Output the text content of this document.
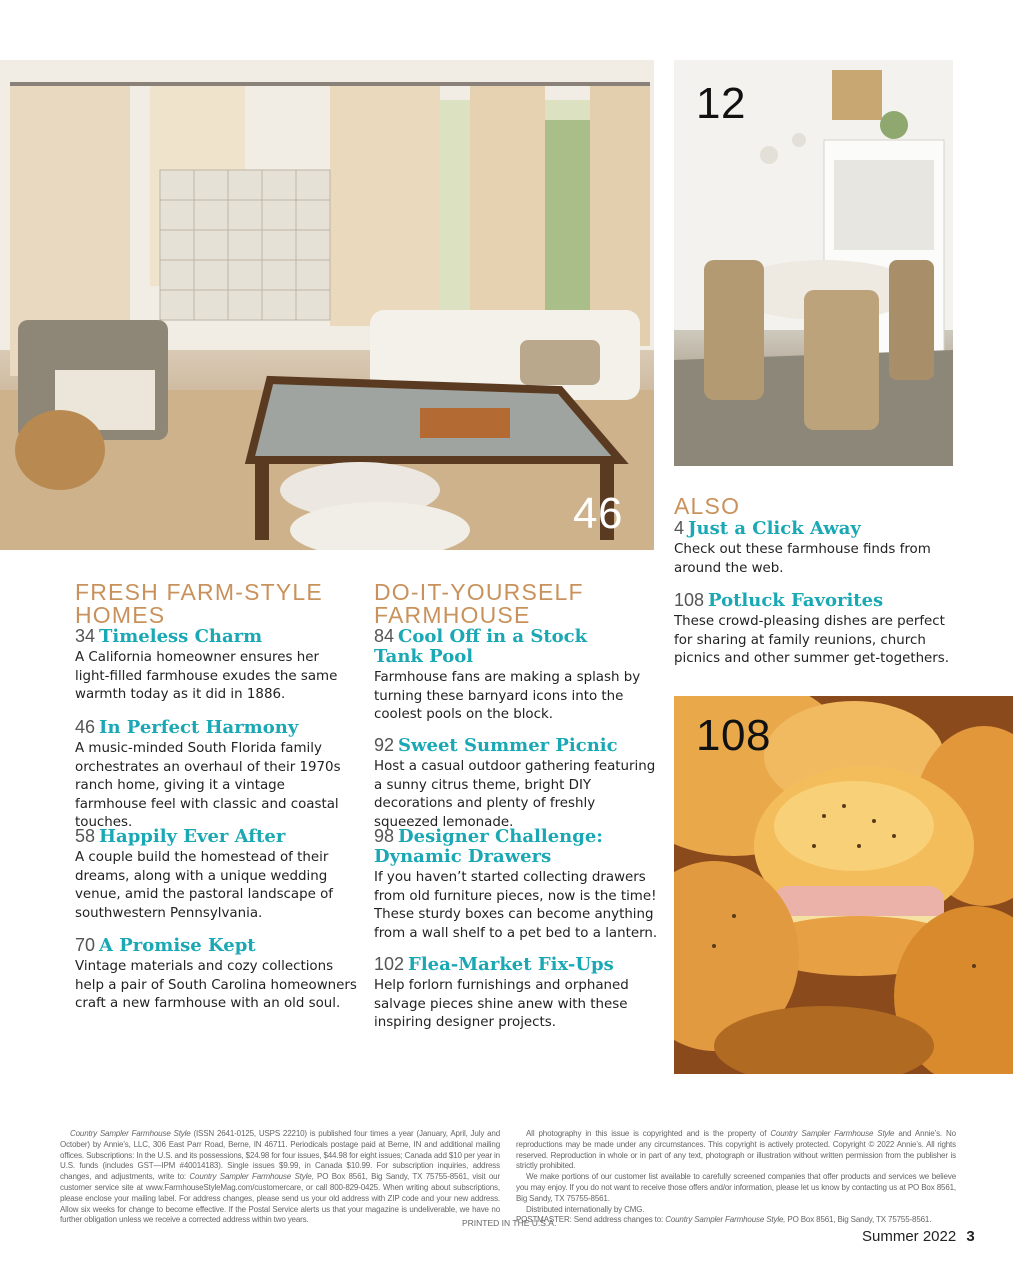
46
12
108
FRESH FARM-STYLE HOMES
34 Timeless Charm

A California homeowner ensures her light-filled farmhouse exudes the same warmth today as it did in 1886.

46 In Perfect Harmony

A music-minded South Florida family orchestrates an overhaul of their 1970s ranch home, giving it a vintage farmhouse feel with classic and coastal touches.

58 Happily Ever After

A couple build the homestead of their dreams, along with a unique wedding venue, amid the pastoral landscape of southwestern Pennsylvania.

70 A Promise Kept

Vintage materials and cozy collections help a pair of South Carolina homeowners craft a new farmhouse with an old soul.

DO-IT-YOURSELF FARMHOUSE
84 Cool Off in a Stock Tank Pool

Farmhouse fans are making a splash by turning these barnyard icons into the coolest pools on the block.

92 Sweet Summer Picnic

Host a casual outdoor gathering featuring a sunny citrus theme, bright DIY decorations and plenty of freshly squeezed lemonade.

98 Designer Challenge: Dynamic Drawers

If you haven’t started collecting drawers from old furniture pieces, now is the time! These sturdy boxes can become anything from a wall shelf to a pet bed to a lantern.

102 Flea-Market Fix-Ups

Help forlorn furnishings and orphaned salvage pieces shine anew with these inspiring designer projects.

ALSO
4 Just a Click Away

Check out these farmhouse finds from around the web.

108 Potluck Favorites

These crowd-pleasing dishes are perfect for sharing at family reunions, church picnics and other summer get-togethers.

Country Sampler Farmhouse Style (ISSN 2641-0125, USPS 22210) is published four times a year (January, April, July and October) by Annie’s, LLC, 306 East Parr Road, Berne, IN 46711. Periodicals postage paid at Berne, IN and additional mailing offices. Subscriptions: In the U.S. and its possessions, $24.98 for four issues, $44.98 for eight issues; Canada add $10 per year in U.S. funds (includes GST—IPM #40014183). Single issues $9.99, in Canada $10.99. For subscription inquiries, address changes, and adjustments, write to: Country Sampler Farmhouse Style, PO Box 8561, Big Sandy, TX 75755-8561, visit our customer service site at www.FarmhouseStyleMag.com/customercare, or call 800-829-0425. When writing about subscriptions, please enclose your mailing label. For address changes, please send us your old address with ZIP code and your new address. Allow six weeks for change to become effective. If the Postal Service alerts us that your magazine is undeliverable, we have no further obligation unless we receive a corrected address within two years.
All photography in this issue is copyrighted and is the property of Country Sampler Farmhouse Style and Annie’s. No reproductions may be made under any circumstances. This copyright is actively protected. Copyright © 2022 Annie’s. All rights reserved. Reproduction in whole or in part of any text, photograph or illustration without written permission from the publisher is strictly prohibited.
We make portions of our customer list available to carefully screened companies that offer products and services we believe you may enjoy. If you do not want to receive those offers and/or information, please let us know by contacting us at PO Box 8561, Big Sandy, TX 75755-8561.
Distributed internationally by CMG.
POSTMASTER: Send address changes to: Country Sampler Farmhouse Style, PO Box 8561, Big Sandy, TX 75755-8561.
PRINTED IN THE U.S.A.
Summer 2022 3
